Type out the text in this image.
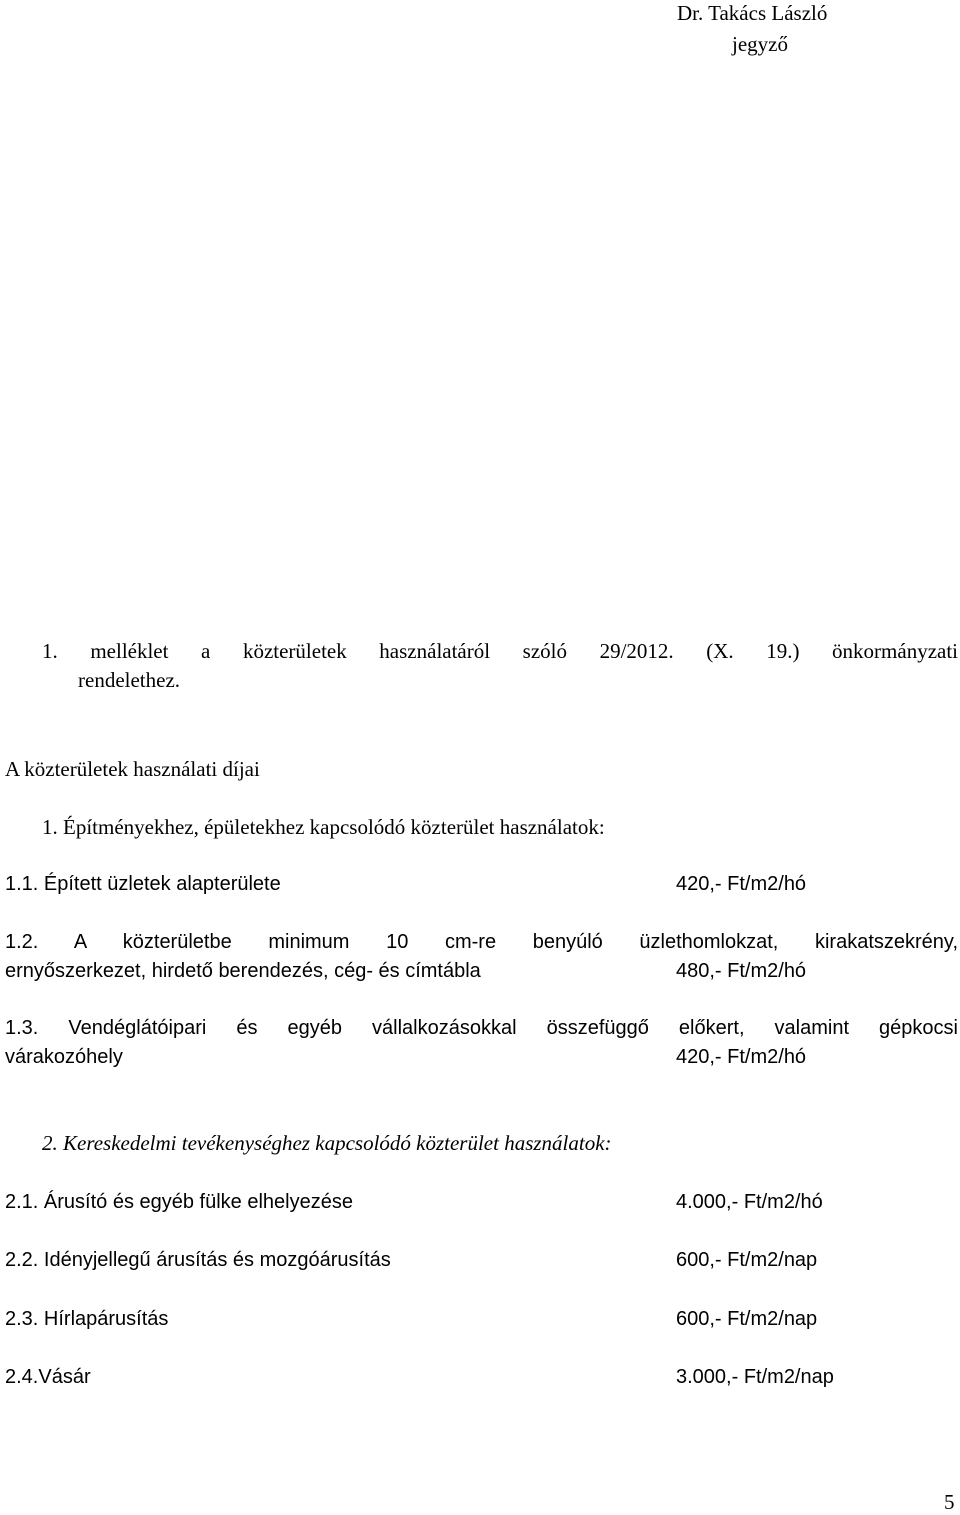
Dr. Takács László
jegyző
1. melléklet a közterületek használatáról szóló 29/2012. (X. 19.) önkormányzati
rendelethez.
A közterületek használati díjai
1. Építményekhez, épületekhez kapcsolódó közterület használatok:
1.1. Épített üzletek alapterülete	420,- Ft/m2/hó
1.2. A közterületbe minimum 10 cm-re benyúló üzlethomlokzat, kirakatszekrény,
ernyőszerkezet, hirdető berendezés, cég- és címtábla	480,- Ft/m2/hó
1.3. Vendéglátóipari és egyéb vállalkozásokkal összefüggő előkert, valamint gépkocsi
várakozóhely	420,- Ft/m2/hó
2. Kereskedelmi tevékenységhez kapcsolódó közterület használatok:
2.1. Árusító és egyéb fülke elhelyezése	4.000,- Ft/m2/hó
2.2. Idényjellegű árusítás és mozgóárusítás	600,- Ft/m2/nap
2.3. Hírlapárusítás	600,- Ft/m2/nap
2.4.Vásár	3.000,- Ft/m2/nap
5
